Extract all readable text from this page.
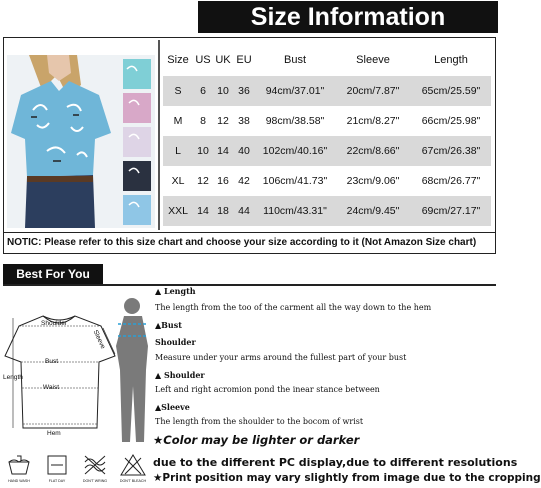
Size Information
Size	US	UK	EU	Bust	Sleeve	Length
S	6	10	36	94cm/37.01"	20cm/7.87"	65cm/25.59"
M	8	12	38	98cm/38.58"	21cm/8.27"	66cm/25.98"
L	10	14	40	102cm/40.16"	22cm/8.66"	67cm/26.38"
XL	12	16	42	106cm/41.73"	23cm/9.06"	68cm/26.77"
XXL	14	18	44	110cm/43.31"	24cm/9.45"	69cm/27.17"
NOTIC: Please refer to this size chart and choose your size according to it (Not Amazon Size chart)
Best For You
Shoulder
Sleeve
Bust
Length
Waist
Hem
▲ Length
The length from the too of the carment all the way down to the hem
▲Bust
Shoulder
Measure under your arms around the fullest part of your bust
▲ Shoulder
Left and right acromion pond the inear stance between
▲Sleeve
The length from the shoulder to the bocom of wrist
★Color may be lighter or darker
due to the different PC display,due to different resolutions
★Print position may vary slightly from image due to the cropping
HAND WASH	FLAT DAY	DON'T WRING	DON'T BLEACH
